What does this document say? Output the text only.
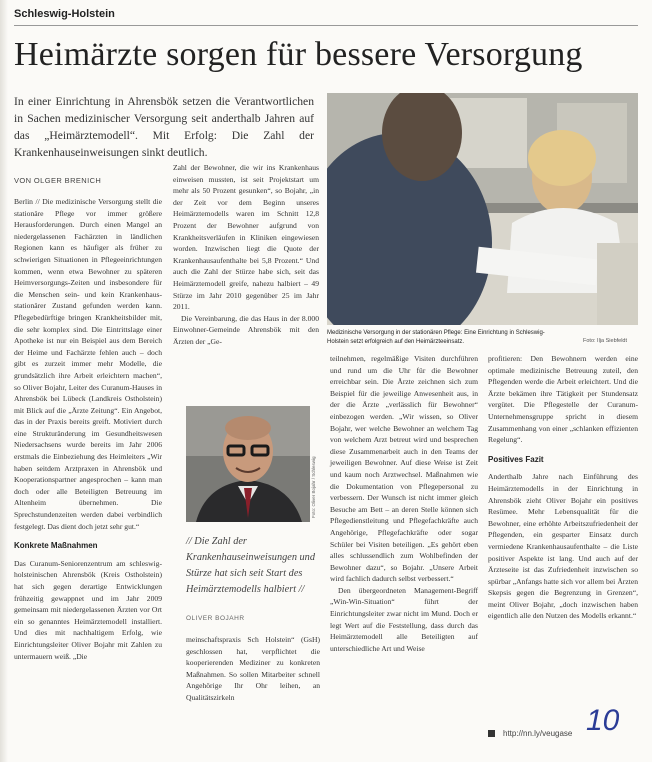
Schleswig-Holstein
Heimärzte sorgen für bessere Versorgung
In einer Einrichtung in Ahrensbök setzen die Verantwortlichen in Sachen medizinischer Versorgung seit anderthalb Jahren auf das „Heimärztemodell“. Mit Erfolg: Die Zahl der Krankenhauseinweisungen sinkt deutlich.
Medizinische Versorgung in der stationären Pflege: Eine Einrichtung in Schleswig-Holstein setzt erfolgreich auf den Heimärzteeinsatz.	Foto: Ilja Siebfeldt
VON OLGER BRENICH

Berlin // Die medizinische Versorgung stellt die stationäre Pflege vor immer größere Herausforderungen. Durch einen Mangel an niedergelassenen Fachärzten in ländlichen Regionen kann es häufiger als früher zu schwierigen Situationen in Pflegeeinrichtungen kommen, wenn etwa Bewohner zu späteren Heimversorgungs-Zeiten und insbesondere für die Menschen sein- und kein Krankenhaus-stationärer Zustand gefunden werden kann. Pflegebedürftige bringen Krankheitsbilder mit, die sehr komplex sind. Die Eintrittslage einer Apotheke ist nur ein Beispiel aus dem Bereich der Heime und Fachärzte fehlen auch – doch gibt es zurzeit immer mehr Modelle, die grundsätzlich ihre Arbeit erleichtern machen“, so Oliver Bojahr, Leiter des Curanum-Hauses in Ahrensbök bei Lübeck (Landkreis Ostholstein) mit Blick auf die „Ärzte Zeitung“. Ein Angebot, das in der Praxis bereits greift. Motiviert durch eine Strukturänderung im Gesundheitswesen Niedersachsens wurde bereits im Jahr 2006 erstmals die Einbeziehung des Heimleiters „Wir haben seitdem Arztpraxen in Ahrensbök und Kooperationspartner angesprochen – kann man doch oder alle Beteiligten Betreuung im Altenheim übernehmen. Die Sprechstundenzeiten werden dabei verbindlich festgelegt. Das dient doch jetzt sehr gut.“

Konkrete Maßnahmen

Das Curanum-Seniorenzentrum am schleswig-holsteinischen Ahrensbök (Kreis Ostholstein) hat sich gegen derartige Entwicklungen frühzeitig gewappnet und im Jahr 2009 gemeinsam mit niedergelassenen Ärzten vor Ort ein so genanntes Heimärztemodell installiert. Und dies mit nachhaltigem Erfolg, wie Einrichtungsleiter Oliver Bojahr mit Zahlen zu untermauern weiß. „Die

Zahl der Bewohner, die wir ins Krankenhaus einweisen mussten, ist seit Projektstart um mehr als 50 Prozent gesunken“, so Bojahr, „in der Zeit vor dem Beginn unseres Heimärztemodells waren im Schnitt 12,8 Prozent der Bewohner aufgrund von Krankheitsverläufen in Kliniken eingewiesen worden. Inzwischen liegt die Quote der Krankenhausaufenthalte bei 5,8 Prozent.“ Und auch die Zahl der Stürze habe sich, seit das Heimärztemodell greife, nahezu halbiert – 49 Stürze im Jahr 2010 gegenüber 25 im Jahr 2011.

Die Vereinbarung, die das Haus in der 8.000 Einwohner-Gemeinde Ahrensbök mit den Ärzten der „Ge-

Foto: Oliver Bojahr / Schleswig
// Die Zahl der Krankenhauseinweisungen und Stürze hat sich seit Start des Heimärztemodells halbiert //
OLIVER BOJAHR

meinschaftspraxis Sch Holstein“ (GsH) geschlossen hat, verpflichtet die kooperierenden Mediziner zu konkreten Maßnahmen. So sollen Mitarbeiter schnell Angehörige Ihr Ohr leihen, an Qualitätszirkeln

teilnehmen, regelmäßige Visiten durchführen und rund um die Uhr für die Bewohner erreichbar sein. Die Ärzte zeichnen sich zum Beispiel für die jeweilige Anwesenheit aus, in der die Ärzte „verlässlich für Bewohner“ einbezogen werden. „Wir wissen, so Oliver Bojahr, wer welche Bewohner an welchem Tag von welchem Arzt betreut wird und besprechen diese Zusammenarbeit auch in den Teams der jeweiligen Bewohner. Auf diese Weise ist Zeit und kaum noch Arztwechsel. Maßnahmen wie die Dokumentation von Pflegepersonal zu verbessern. Der Wunsch ist nicht immer gleich Besuche am Bett – an deren Stelle können sich Pflegedienstleitung und Pflegefachkräfte auch Angehörige, Pflegefachkräfte oder sogar Schüler bei Visiten beteiligen. „Es gehört eben alles schlussendlich zum Wohlbefinden der Bewohner dazu“, so Bojahr. „Unsere Arbeit wird fachlich dadurch selbst verbessert.“

Den übergeordneten Management-Begriff „Win-Win-Situation“ führt der Einrichtungsleiter zwar nicht im Mund. Doch er legt Wert auf die Feststellung, dass durch das Heimärztemodell alle Beteiligten auf unterschiedliche Art und Weise

profitieren: Den Bewohnern werden eine optimale medizinische Betreuung zuteil, den Pflegenden werde die Arbeit erleichtert. Und die Ärzte bekämen ihre Tätigkeit per Stundensatz vergütet. Die Pflegestelle der Curanum-Unternehmensgruppe spricht in diesem Zusammenhang von einer „schlanken effizienten Regelung“.

Positives Fazit

Anderthalb Jahre nach Einführung des Heimärztemodells in der Einrichtung in Ahrensbök zieht Oliver Bojahr ein positives Resümee. Mehr Lebensqualität für die Bewohner, eine erhöhte Arbeitszufriedenheit der Pflegenden, ein gesparter Einsatz durch vermiedene Krankenhausaufenthalte – die Liste positiver Aspekte ist lang. Und auch auf der Ärzteseite ist das Zufriedenheit inzwischen so spürbar „Anfangs hatte sich vor allem bei Ärzten Skepsis gegen die Begrenzung in Grenzen“, meint Oliver Bojahr, „doch inzwischen haben eigentlich alle den Nutzen des Modells erkannt.“

http://nn.ly/veugase 10
